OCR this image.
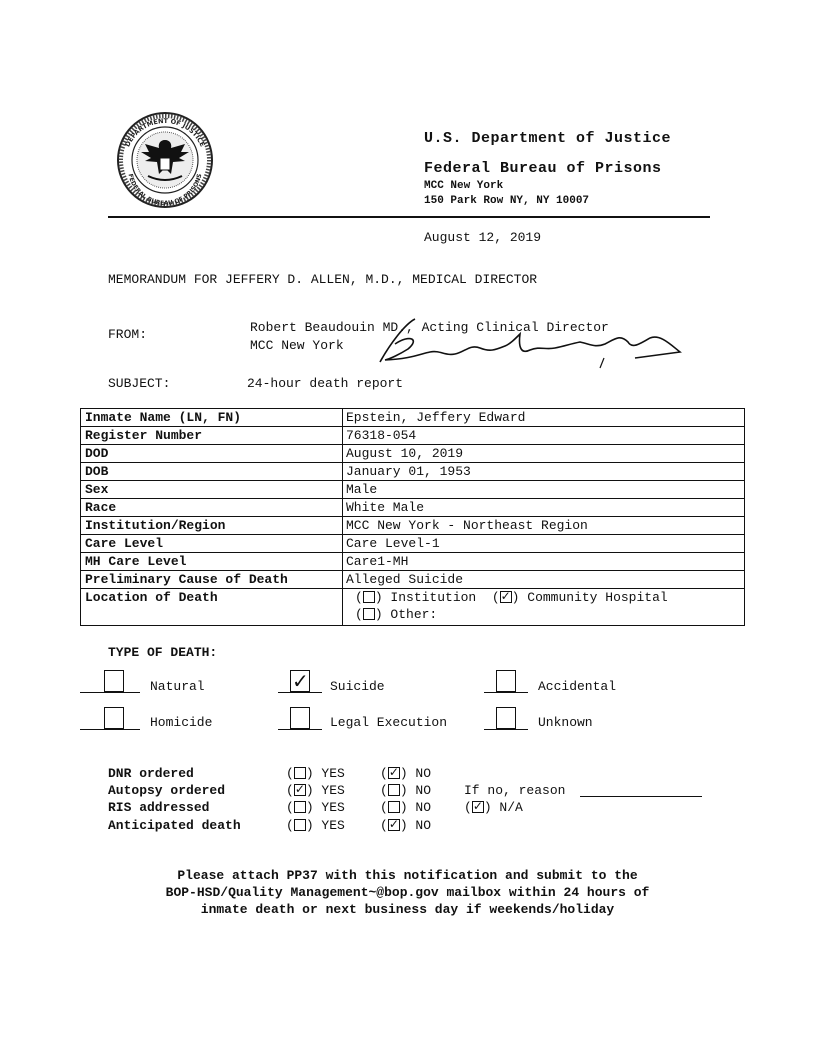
DEPARTMENT OF JUSTICE
FEDERAL BUREAU OF PRISONS
U.S. Department of Justice
Federal Bureau of Prisons
MCC New York
150 Park Row NY, NY 10007
August 12, 2019
MEMORANDUM FOR JEFFERY D. ALLEN, M.D., MEDICAL DIRECTOR
FROM:	Robert Beaudouin MD., Acting Clinical Director
MCC New York
SUBJECT:	24-hour death report
Inmate Name (LN, FN)	Epstein, Jeffery Edward
Register Number	76318-054
DOD	August 10, 2019
DOB	January 01, 1953
Sex	Male
Race	White Male
Institution/Region	MCC New York - Northeast Region
Care Level	Care Level-1
MH Care Level	Care1-MH
Preliminary Cause of Death	Alleged Suicide
Location of Death	( ) Institution  ( ✓ ) Community Hospital
( ) Other:
TYPE OF DEATH:
Natural ✓	Suicide	Accidental
Homicide	Legal Execution	Unknown
DNR ordered	( ) YES	( ✓ ) NO
Autopsy ordered	( ✓ ) YES	( ) NO	If no, reason
RIS addressed	( ) YES	( ) NO	( ✓ ) N/A
Anticipated death	( ) YES	( ✓ ) NO
Please attach PP37 with this notification and submit to the
BOP-HSD/Quality Management~@bop.gov mailbox within 24 hours of
inmate death or next business day if weekends/holiday
